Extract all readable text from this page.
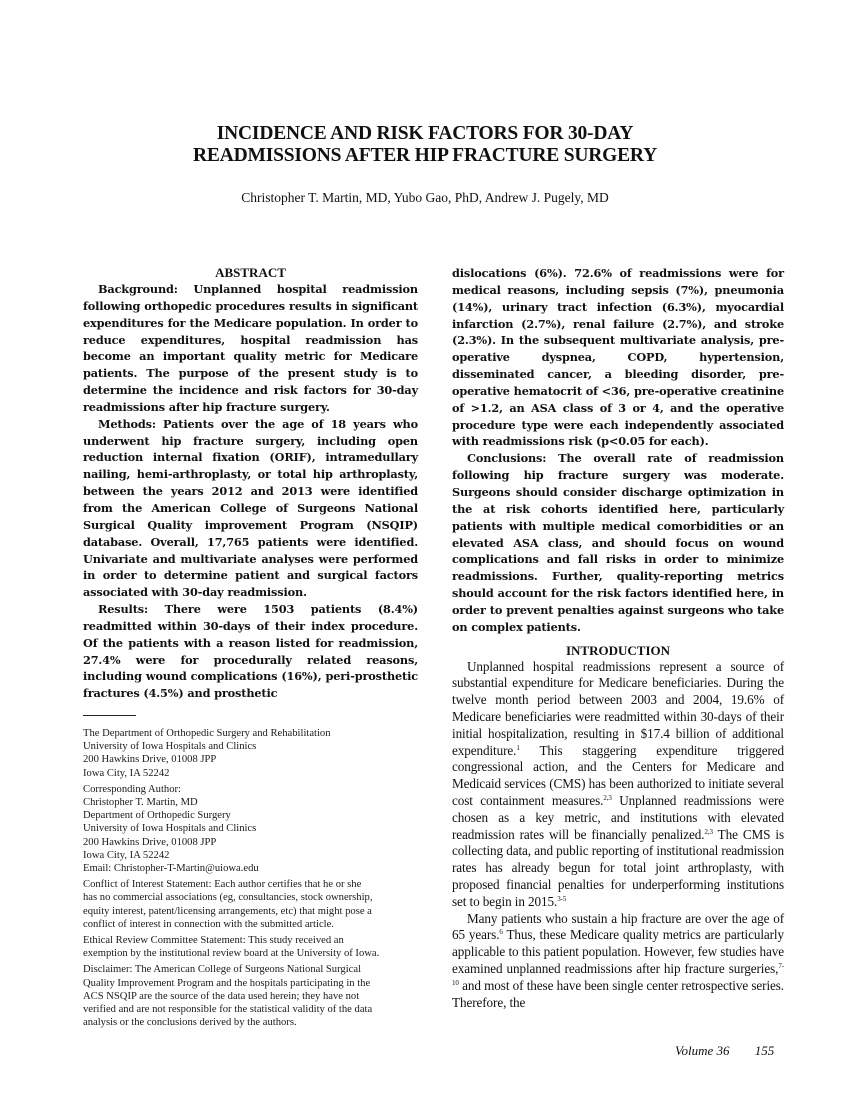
INCIDENCE AND RISK FACTORS FOR 30-DAY
READMISSIONS AFTER HIP FRACTURE SURGERY
Christopher T. Martin, MD, Yubo Gao, PhD, Andrew J. Pugely, MD
ABSTRACT

Background: Unplanned hospital readmission following orthopedic procedures results in significant expenditures for the Medicare population. In order to reduce expenditures, hospital readmission has become an important quality metric for Medicare patients. The purpose of the present study is to determine the incidence and risk factors for 30-day readmissions after hip fracture surgery.

Methods: Patients over the age of 18 years who underwent hip fracture surgery, including open reduction internal fixation (ORIF), intramedullary nailing, hemi-arthroplasty, or total hip arthroplasty, between the years 2012 and 2013 were identified from the American College of Surgeons National Surgical Quality improvement Program (NSQIP) database. Overall, 17,765 patients were identified. Univariate and multivariate analyses were performed in order to determine patient and surgical factors associated with 30-day readmission.

Results: There were 1503 patients (8.4%) readmitted within 30-days of their index procedure. Of the patients with a reason listed for readmission, 27.4% were for procedurally related reasons, including wound complications (16%), peri-prosthetic fractures (4.5%) and prosthetic

The Department of Orthopedic Surgery and Rehabilitation
University of Iowa Hospitals and Clinics
200 Hawkins Drive, 01008 JPP
Iowa City, IA 52242
Corresponding Author:
Christopher T. Martin, MD
Department of Orthopedic Surgery
University of Iowa Hospitals and Clinics
200 Hawkins Drive, 01008 JPP
Iowa City, IA 52242
Email: Christopher-T-Martin@uiowa.edu
Conflict of Interest Statement: Each author certifies that he or she
has no commercial associations (eg, consultancies, stock ownership,
equity interest, patent/licensing arrangements, etc) that might pose a
conflict of interest in connection with the submitted article.
Ethical Review Committee Statement: This study received an
exemption by the institutional review board at the University of Iowa.
Disclaimer: The American College of Surgeons National Surgical
Quality Improvement Program and the hospitals participating in the
ACS NSQIP are the source of the data used herein; they have not
verified and are not responsible for the statistical validity of the data
analysis or the conclusions derived by the authors.

dislocations (6%). 72.6% of readmissions were for medical reasons, including sepsis (7%), pneumonia (14%), urinary tract infection (6.3%), myocardial infarction (2.7%), renal failure (2.7%), and stroke (2.3%). In the subsequent multivariate analysis, pre-operative dyspnea, COPD, hypertension, disseminated cancer, a bleeding disorder, pre-operative hematocrit of <36, pre-operative creatinine of >1.2, an ASA class of 3 or 4, and the operative procedure type were each independently associated with readmissions risk (p<0.05 for each).

Conclusions: The overall rate of readmission following hip fracture surgery was moderate. Surgeons should consider discharge optimization in the at risk cohorts identified here, particularly patients with multiple medical comorbidities or an elevated ASA class, and should focus on wound complications and fall risks in order to minimize readmissions. Further, quality-reporting metrics should account for the risk factors identified here, in order to prevent penalties against surgeons who take on complex patients.

INTRODUCTION

Unplanned hospital readmissions represent a source of substantial expenditure for Medicare beneficiaries. During the twelve month period between 2003 and 2004, 19.6% of Medicare beneficiaries were readmitted within 30-days of their initial hospitalization, resulting in $17.4 billion of additional expenditure.$^1$ This staggering expenditure triggered congressional action, and the Centers for Medicare and Medicaid services (CMS) has been authorized to initiate several cost containment measures.$^{2,3}$ Unplanned readmissions were chosen as a key metric, and institutions with elevated readmission rates will be financially penalized.$^{2,3}$ The CMS is collecting data, and public reporting of institutional readmission rates has already begun for total joint arthroplasty, with proposed financial penalties for underperforming institutions set to begin in 2015.$^{3-5}$

Many patients who sustain a hip fracture are over the age of 65 years.$^6$ Thus, these Medicare quality metrics are particularly applicable to this patient population. However, few studies have examined unplanned readmissions after hip fracture surgeries,$^{7-10}$ and most of these have been single center retrospective series. Therefore, the

Volume 36 155
